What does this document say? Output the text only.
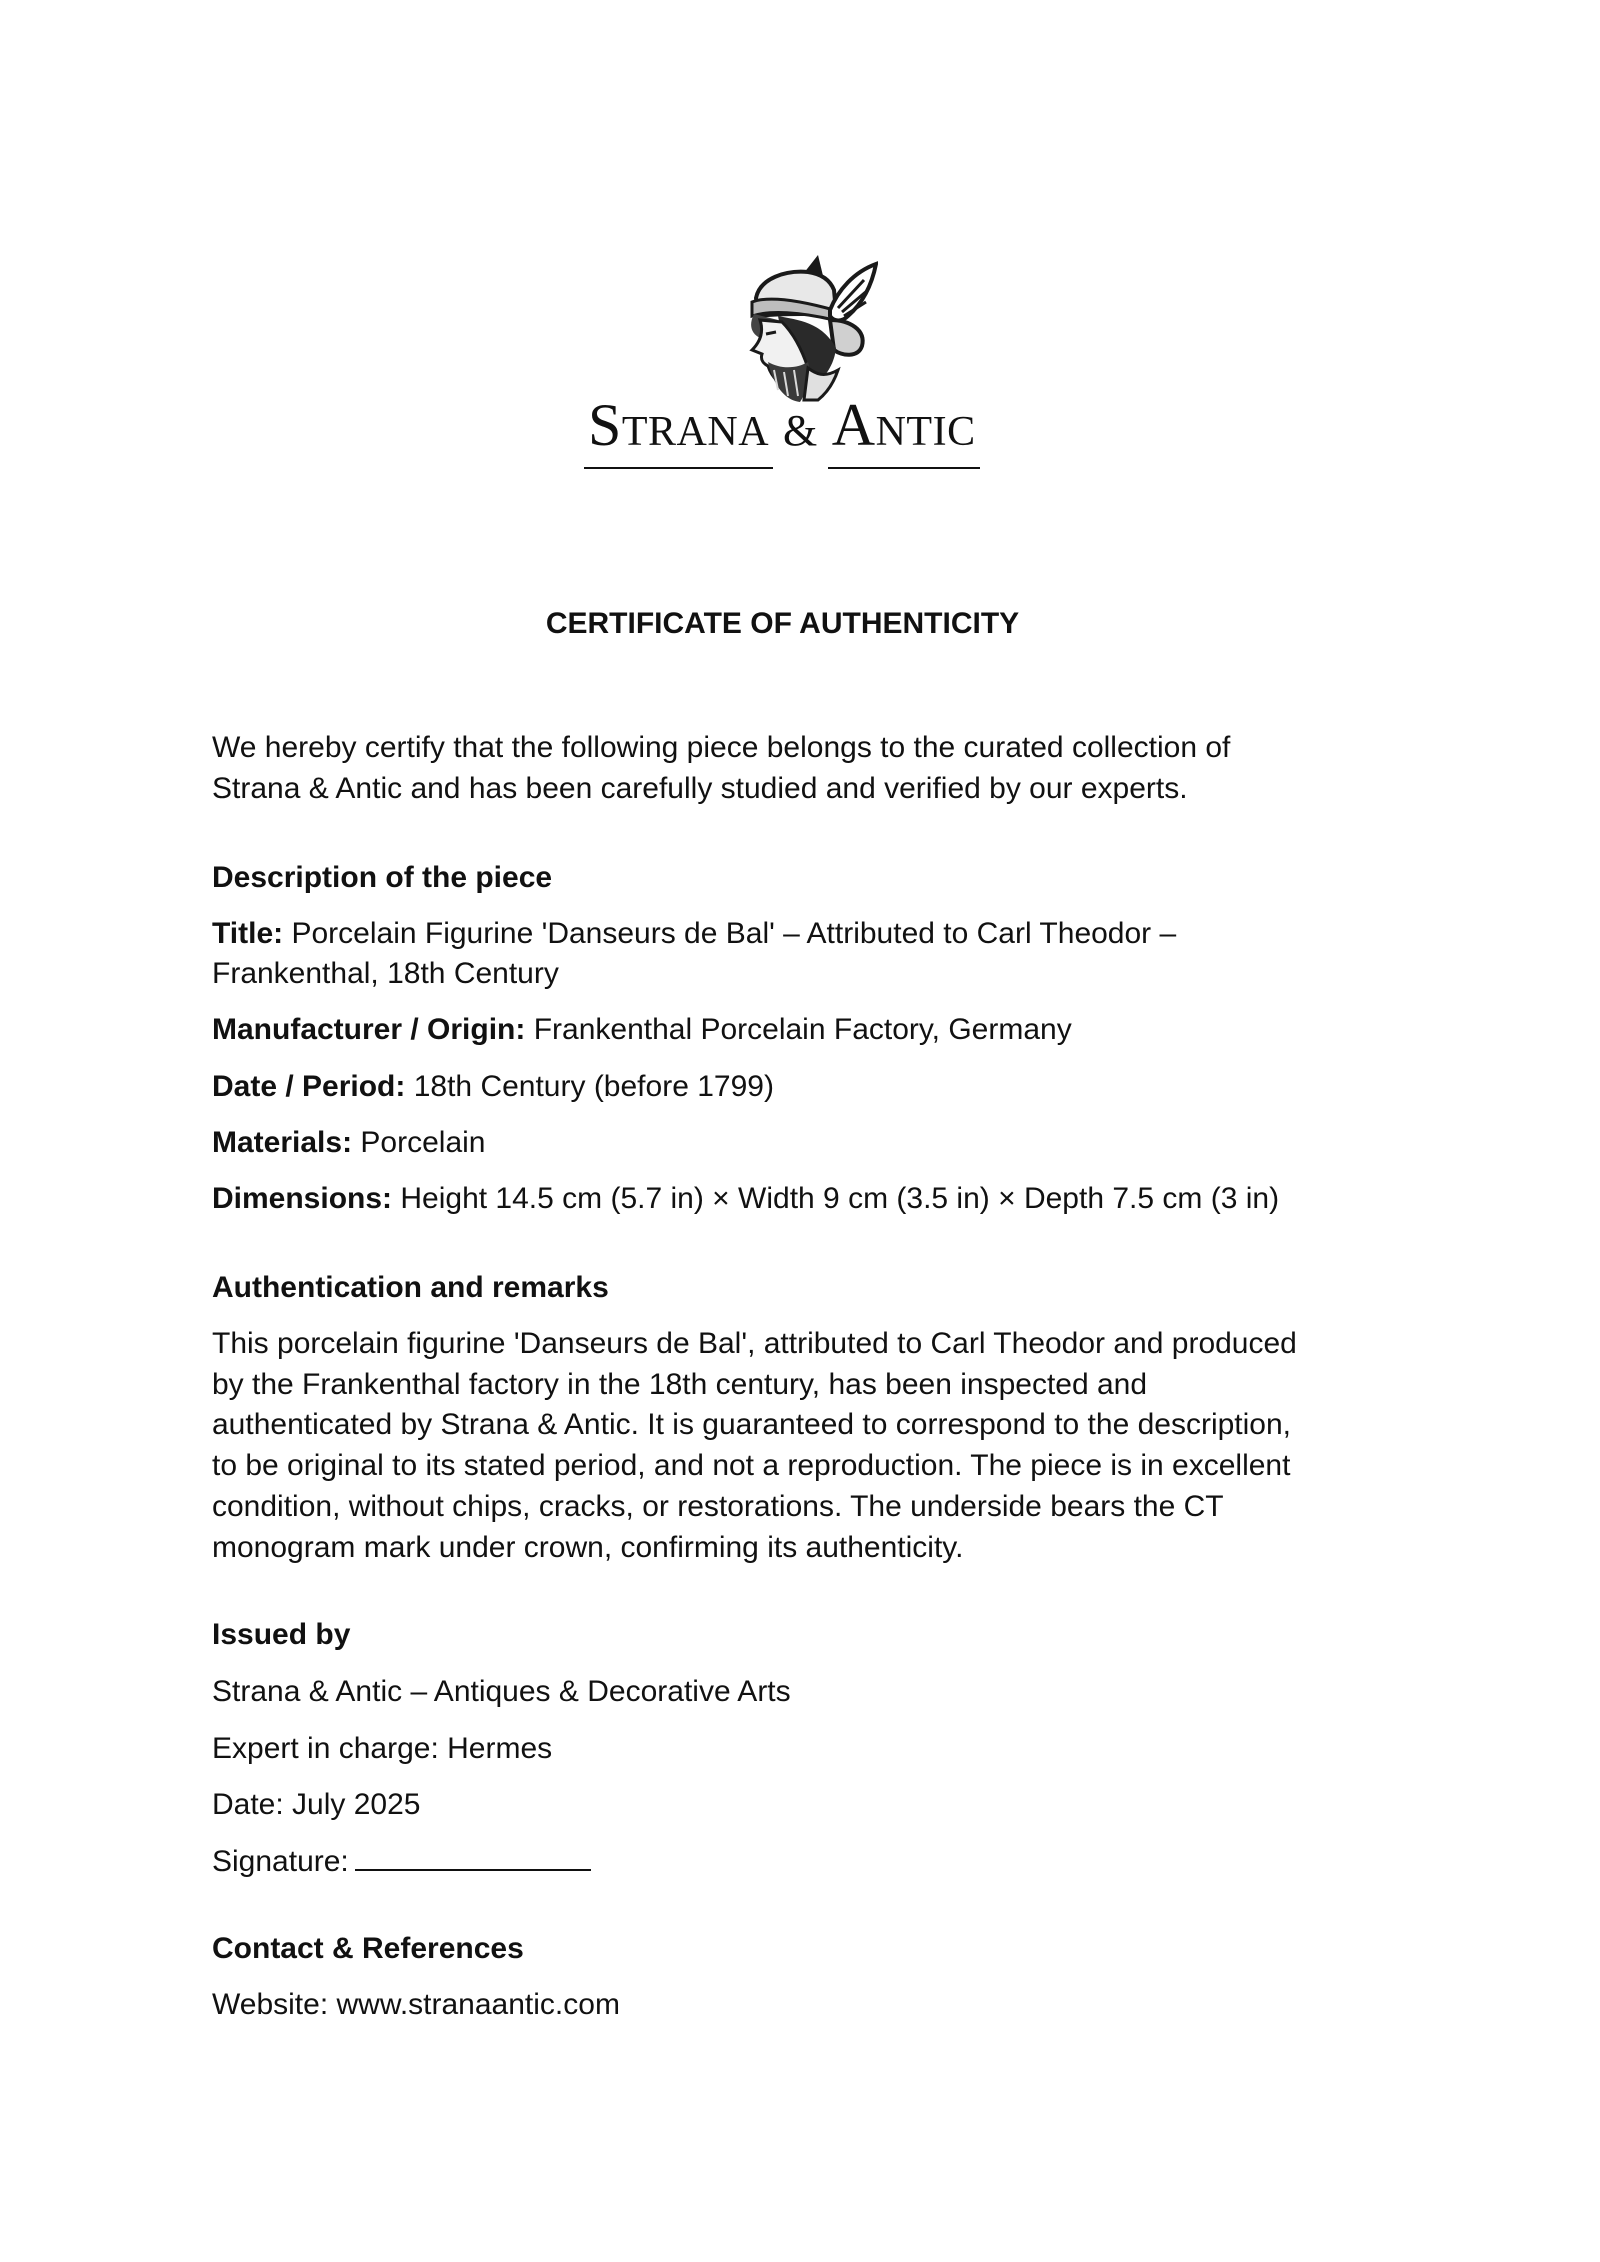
Strana & Antic
CERTIFICATE OF AUTHENTICITY

We hereby certify that the following piece belongs to the curated collection of
Strana & Antic and has been carefully studied and verified by our experts.

Description of the piece

Title: Porcelain Figurine 'Danseurs de Bal' – Attributed to Carl Theodor –
Frankenthal, 18th Century

Manufacturer / Origin: Frankenthal Porcelain Factory, Germany

Date / Period: 18th Century (before 1799)

Materials: Porcelain

Dimensions: Height 14.5 cm (5.7 in) × Width 9 cm (3.5 in) × Depth 7.5 cm (3 in)

Authentication and remarks

This porcelain figurine 'Danseurs de Bal', attributed to Carl Theodor and produced
by the Frankenthal factory in the 18th century, has been inspected and
authenticated by Strana & Antic. It is guaranteed to correspond to the description,
to be original to its stated period, and not a reproduction. The piece is in excellent
condition, without chips, cracks, or restorations. The underside bears the CT
monogram mark under crown, confirming its authenticity.

Issued by

Strana & Antic – Antiques & Decorative Arts

Expert in charge: Hermes

Date: July 2025

Signature:

Contact & References

Website: www.stranaantic.com
